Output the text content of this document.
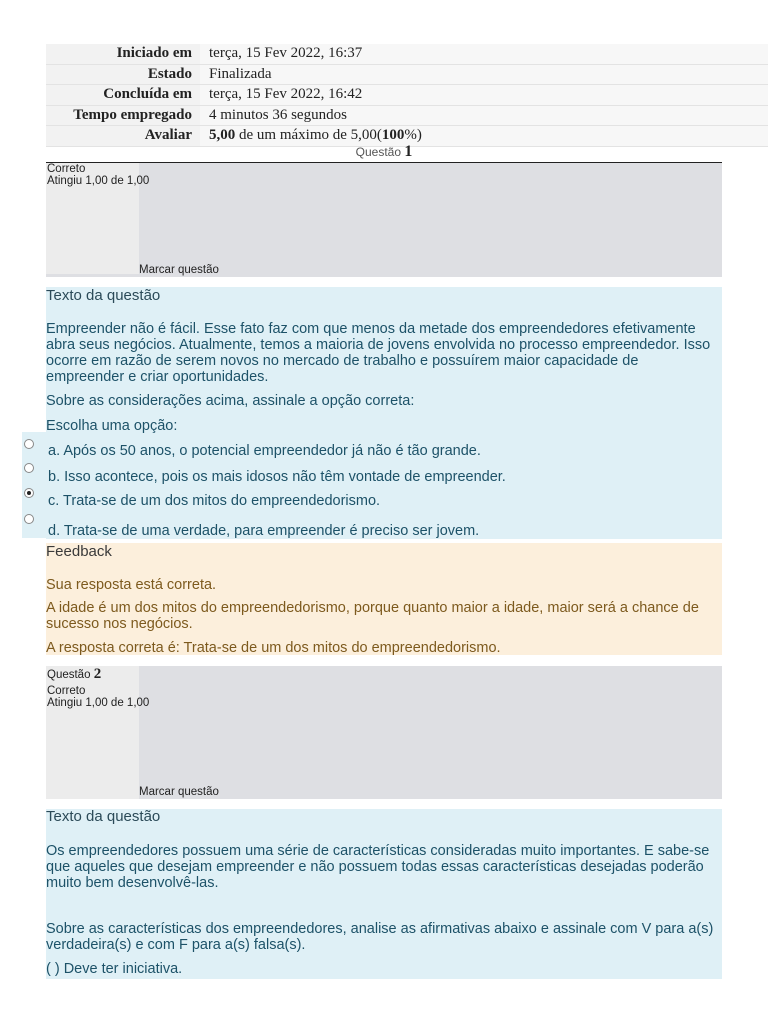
Iniciado em	terça, 15 Fev 2022, 16:37
Estado	Finalizada
Concluída em	terça, 15 Fev 2022, 16:42
Tempo empregado	4 minutos 36 segundos
Avaliar	5,00 de um máximo de 5,00(100%)
Questão 1
Correto
Atingiu 1,00 de 1,00
Marcar questão
Texto da questão
Empreender não é fácil. Esse fato faz com que menos da metade dos empreendedores efetivamente abra seus negócios. Atualmente, temos a maioria de jovens envolvida no processo empreendedor. Isso ocorre em razão de serem novos no mercado de trabalho e possuírem maior capacidade de empreender e criar oportunidades.
Sobre as considerações acima, assinale a opção correta:
Escolha uma opção:
a. Após os 50 anos, o potencial empreendedor já não é tão grande.
b. Isso acontece, pois os mais idosos não têm vontade de empreender.
c. Trata-se de um dos mitos do empreendedorismo.
d. Trata-se de uma verdade, para empreender é preciso ser jovem.
Feedback
Sua resposta está correta.
A idade é um dos mitos do empreendedorismo, porque quanto maior a idade, maior será a chance de sucesso nos negócios.
A resposta correta é: Trata-se de um dos mitos do empreendedorismo.
Questão 2
Correto
Atingiu 1,00 de 1,00
Marcar questão
Texto da questão
Os empreendedores possuem uma série de características consideradas muito importantes. E sabe-se que aqueles que desejam empreender e não possuem todas essas características desejadas poderão muito bem desenvolvê-las.
Sobre as características dos empreendedores, analise as afirmativas abaixo e assinale com V para a(s) verdadeira(s) e com F para a(s) falsa(s).
( ) Deve ter iniciativa.
